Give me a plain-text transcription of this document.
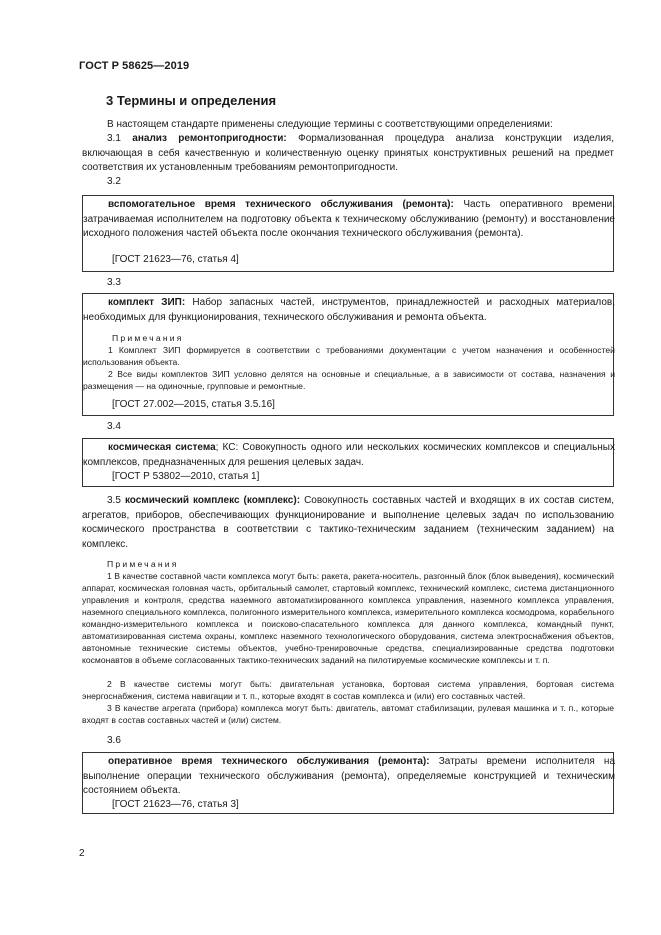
ГОСТ Р 58625—2019
3 Термины и определения
В настоящем стандарте применены следующие термины с соответствующими определениями:
3.1 анализ ремонтопригодности: Формализованная процедура анализа конструкции изделия, включающая в себя качественную и количественную оценку принятых конструктивных решений на предмет соответствия их установленным требованиям ремонтопригодности.
3.2
вспомогательное время технического обслуживания (ремонта): Часть оперативного времени, затрачиваемая исполнителем на подготовку объекта к техническому обслуживанию (ремонту) и восстановление исходного положения частей объекта после окончания технического обслуживания (ремонта).
[ГОСТ 21623—76, статья 4]
3.3
комплект ЗИП: Набор запасных частей, инструментов, принадлежностей и расходных материалов, необходимых для функционирования, технического обслуживания и ремонта объекта.
Примечания
1 Комплект ЗИП формируется в соответствии с требованиями документации с учетом назначения и особенностей использования объекта.
2 Все виды комплектов ЗИП условно делятся на основные и специальные, а в зависимости от состава, назначения и размещения — на одиночные, групповые и ремонтные.
[ГОСТ 27.002—2015, статья 3.5.16]
3.4
космическая система; КС: Совокупность одного или нескольких космических комплексов и специальных комплексов, предназначенных для решения целевых задач.
[ГОСТ Р 53802—2010, статья 1]
3.5 космический комплекс (комплекс): Совокупность составных частей и входящих в их состав систем, агрегатов, приборов, обеспечивающих функционирование и выполнение целевых задач по использованию космического пространства в соответствии с тактико-техническим заданием (техническим заданием) на комплекс.
Примечания
1 В качестве составной части комплекса могут быть: ракета, ракета-носитель, разгонный блок (блок выведения), космический аппарат, космическая головная часть, орбитальный самолет, стартовый комплекс, технический комплекс, система дистанционного управления и контроля, средства наземного автоматизированного комплекса управления, наземного комплекса управления, наземного специального комплекса, полигонного измерительного комплекса, измерительного комплекса космодрома, корабельного командно-измерительного комплекса и поисково-спасательного комплекса для данного комплекса, командный пункт, автоматизированная система охраны, комплекс наземного технологического оборудования, система электроснабжения объектов, автономные технические системы объектов, учебно-тренировочные средства, специализированные средства подготовки космонавтов в объеме согласованных тактико-технических заданий на пилотируемые космические комплексы и т. п.
2 В качестве системы могут быть: двигательная установка, бортовая система управления, бортовая система энергоснабжения, система навигации и т. п., которые входят в состав комплекса и (или) его составных частей.
3 В качестве агрегата (прибора) комплекса могут быть: двигатель, автомат стабилизации, рулевая машинка и т. п., которые входят в состав составных частей и (или) систем.
3.6
оперативное время технического обслуживания (ремонта): Затраты времени исполнителя на выполнение операции технического обслуживания (ремонта), определяемые конструкцией и техническим состоянием объекта.
[ГОСТ 21623—76, статья 3]
2
